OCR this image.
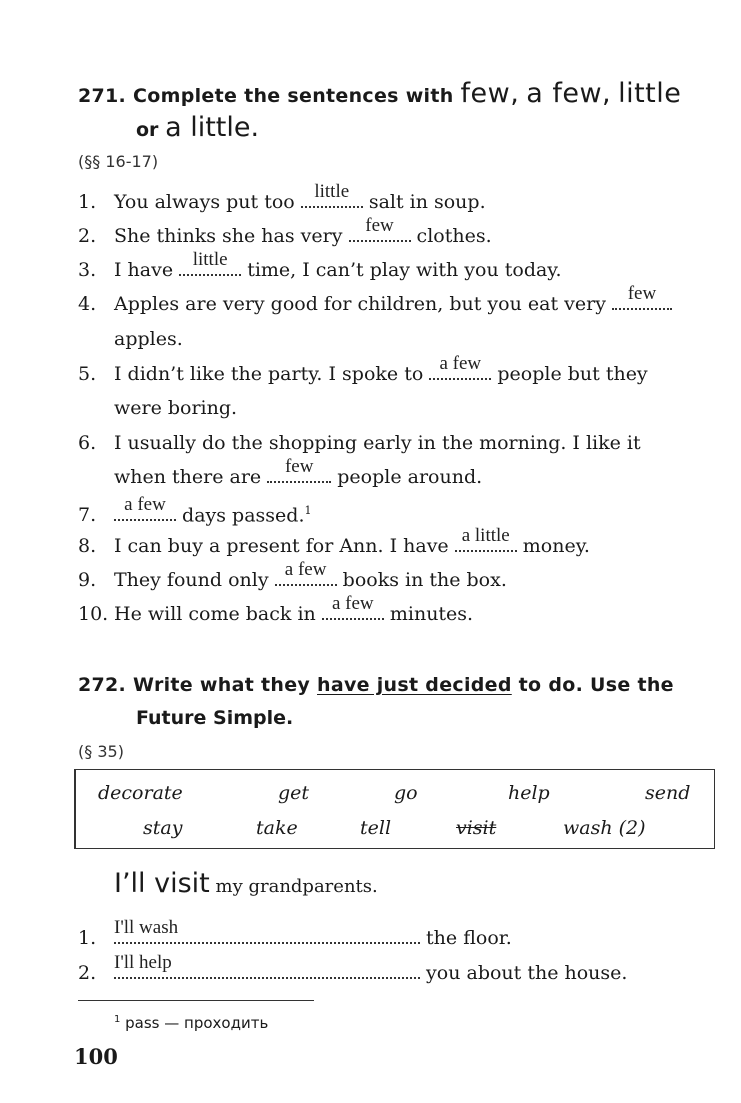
271. Complete the sentences with few, a few, little
or a little.
(§§ 16-17)
1. You always put too	little	salt in soup.
2. She thinks she has very	few	clothes.
3. I have	little	time, I can’t play with you today.
4. Apples are very good for children, but you eat very	few
apples.
5. I didn’t like the party. I spoke to a few people but they
were boring.
6. I usually do the shopping early in the morning. I like it
when there are	few	people around.
7.	a few days passed.$^1$
8. I can buy a present for Ann. I have a little money.
9. They found only a few books in the box.
10. He will come back in a few minutes.
272. Write what they have just decided to do. Use the
Future Simple.
(§ 35)
decorate	get	go	help	send
stay	take	tell	visit	wash (2)
I’ll visit my grandparents.
1. I'll wash	the floor.
2. I'll help	you about the house.
$^1$ pass — проходить
100
